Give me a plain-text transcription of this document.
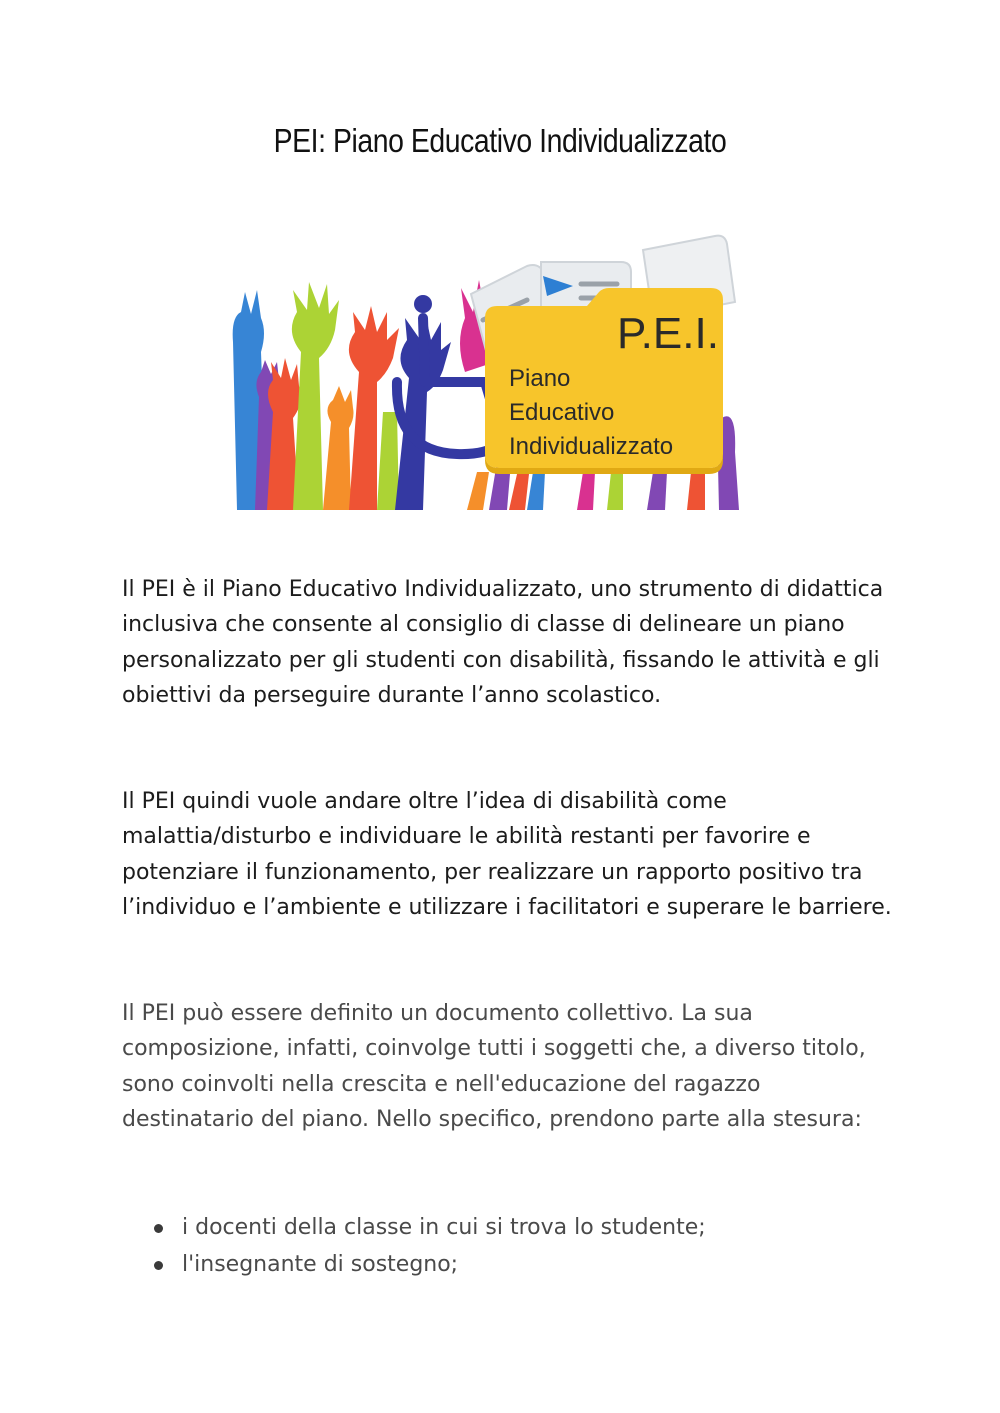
PEI: Piano Educativo Individualizzato
P.E.I.
Piano
Educativo
Individualizzato

Il PEI è il Piano Educativo Individualizzato, uno strumento di didattica inclusiva che consente al consiglio di classe di delineare un piano personalizzato per gli studenti con disabilità, fissando le attività e gli obiettivi da perseguire durante l’anno scolastico.

Il PEI quindi vuole andare oltre l’idea di disabilità come malattia/disturbo e individuare le abilità restanti per favorire e potenziare il funzionamento, per realizzare un rapporto positivo tra l’individuo e l’ambiente e utilizzare i facilitatori e superare le barriere.

Il PEI può essere definito un documento collettivo. La sua composizione, infatti, coinvolge tutti i soggetti che, a diverso titolo, sono coinvolti nella crescita e nell'educazione del ragazzo destinatario del piano. Nello specifico, prendono parte alla stesura:

i docenti della classe in cui si trova lo studente;
l'insegnante di sostegno;
